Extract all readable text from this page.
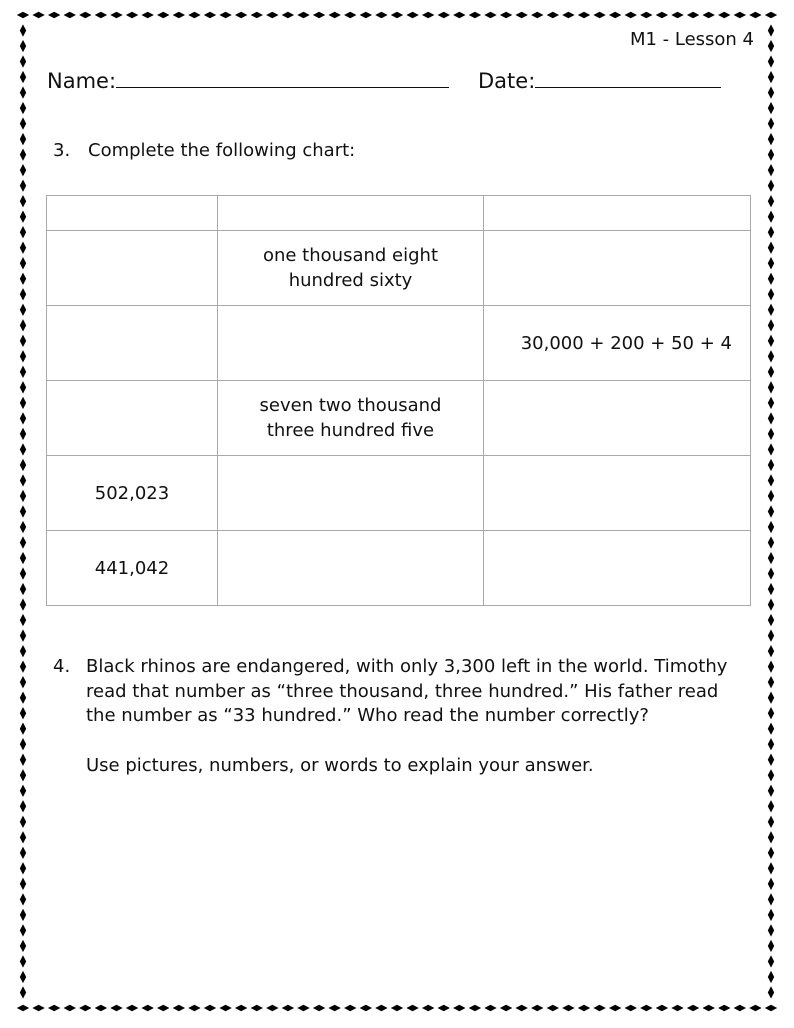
M1 - Lesson 4
Name:	Date:
3. Complete the following chart:

	one thousand eight hundred sixty	

		30,000 + 200 + 50 + 4

	seven two thousand three hundred five	

502,023		
441,042		
4. Black rhinos are endangered, with only 3,300 left in the world. Timothy read that number as “three thousand, three hundred.” His father read the number as “33 hundred.” Who read the number correctly?
Use pictures, numbers, or words to explain your answer.
